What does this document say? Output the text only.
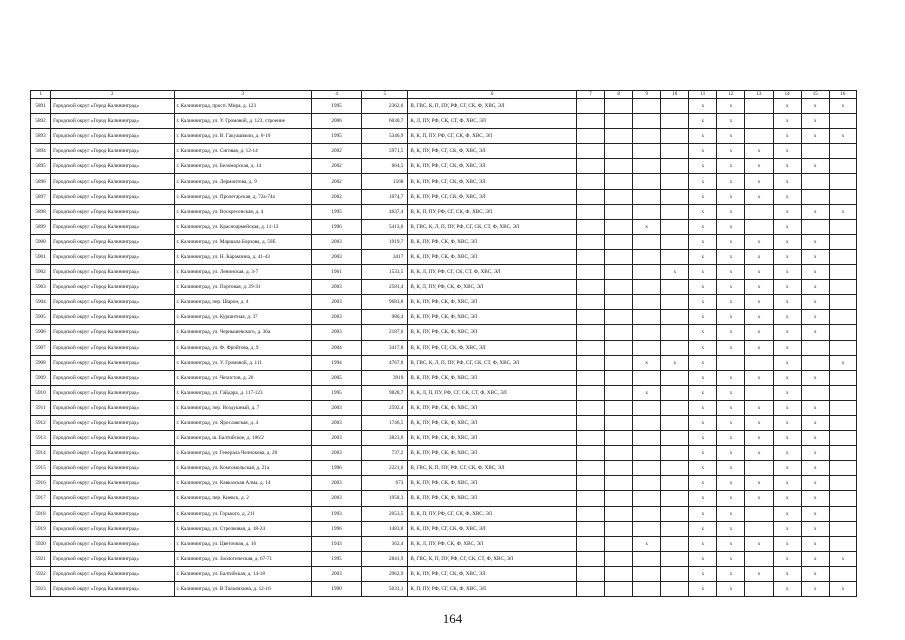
1	2	3	4	5	6	7	8	9	10	11	12	13	14	15	16
5891	Городской округ «Город Калининград»	г. Калининград, просп. Мира, д. 123	1995	2362,6	В, ГВС, К, П, ПУ, РФ, СГ, СК, Ф, ХВС, ЭЛ					х	х		х	х	х
5892	Городской округ «Город Калининград»	г. Калининград, ул. У. Громовой, д. 123, строение	2006	6030,7	К, Л, ПУ, РФ, СК, СТ, Ф, ХВС, ЭЛ					х	х		х	х	
5893	Городской округ «Город Калининград»	г. Калининград, ул. В. Гакуашвили, д. 6-10	1995	5346,9	В, К, П, ПУ, РФ, СГ, СК, Ф, ХВС, ЭЛ					х	х		х	х	х
5894	Городской округ «Город Калининград»	г. Калининград, ул. Сиговая, д. 12-14	2002	5971,5	В, К, ПУ, РФ, СГ, СК, Ф, ХВС, ЭЛ					х	х	х	х		
5895	Городской округ «Город Калининград»	г. Калининград, ул. Беломорская, д. 14	2002	664,5	В, К, ПУ, РФ, СГ, СК, Ф, ХВС, ЭЛ					х	х	х	х	х	
5896	Городской округ «Город Калининград»	г. Калининград, ул. Лермонтова, д. 9	2002	1568	В, К, ПУ, РФ, СГ, СК, Ф, ХВС, ЭЛ					х	х	х	х		
5897	Городской округ «Город Калининград»	г. Калининград, ул. Пролетарская, д. 72а-74а	2002	1074,7	В, К, ПУ, РФ, СГ, СК, Ф, ХВС, ЭЛ					х	х	х	х		
5898	Городской округ «Город Калининград»	г. Калининград, ул. Воскресенская, д. 4	1995	4637,4	В, К, П, ПУ, РФ, СГ, СК, Ф, ХВС, ЭЛ					х	х		х	х	х
5899	Городской округ «Город Калининград»	г. Калининград, ул. Красноармейская, д. 11-13	1996	5413,6	В, ГВС, К, Л, П, ПУ, РФ, СГ, СК, СТ, Ф, ХВС, ЭЛ			х		х	х		х		
5900	Городской округ «Город Калининград»	г. Калининград, ул. Маршала Борзова, д. 59Е	2003	1919,7	В, К, ПУ, РФ, СК, Ф, ХВС, ЭЛ					х	х	х	х	х	
5901	Городской округ «Город Калининград»	г. Калининград, ул. Н. Карамзина, д. 41-43	2003	3417	В, К, ПУ, РФ, СК, Ф, ХВС, ЭЛ					х	х	х	х	х	
5902	Городской округ «Город Калининград»	г. Калининград, ул. Ленинская, д. 3-7	1961	1533,5	В, К, Л, ПУ, РФ, СГ, СК, СТ, Ф, ХВС, ЭЛ				х	х	х	х	х	х	
5903	Городской округ «Город Калининград»	г. Калининград, ул. Портовая, д. 29-31	2003	2581,4	В, К, Л, ПУ, РФ, СК, Ф, ХВС, ЭЛ					х	х	х	х	х	
5904	Городской округ «Город Калининград»	г. Калининград, пер. Шарон, д. 4	2003	9683,8	В, К, ПУ, РФ, СК, Ф, ХВС, ЭЛ					х	х	х	х	х	
5905	Городской округ «Город Калининград»	г. Калининград, ул. Куршитная, д. 37	2003	986,4	В, К, ПУ, РФ, СК, Ф, ХВС, ЭЛ					х	х	х	х	х	
5906	Городской округ «Город Калининград»	г. Калининград, ул. Чернышевского, д. 36а	2003	2187,6	В, К, ПУ, РФ, СК, Ф, ХВС, ЭЛ					х	х	х	х	х	
5907	Городской округ «Город Калининград»	г. Калининград, ул. Ф. Фройтова, д. 9	2004	3417,8	В, К, ПУ, РФ, СГ, СК, Ф, ХВС, ЭЛ					х	х	х	х		
5908	Городской округ «Город Калининград»	г. Калининград, ул. У. Громовой, д. 111	1994	4767,8	В, ГВС, К, Л, П, ПУ, РФ, СГ, СК, СТ, Ф, ХВС, ЭЛ			х	х	х			х		х
5909	Городской округ «Город Калининград»	г. Калининград, ул. Чехистов, д. 20	2005	3919	В, К, ПУ, РФ, СК, Ф, ХВС, ЭЛ					х	х	х	х	х	
5910	Городской округ «Город Калининград»	г. Калининград, ул. Гайдара, д. 117-123	1995	9828,7	В, К, Л, П, ПУ, РФ, СГ, СК, СТ, Ф, ХВС, ЭЛ			х		х	х		х		
5911	Городской округ «Город Калининград»	г. Калининград, пер. Воздушный, д. 7	2003	2592,4	В, К, ПУ, РФ, СК, Ф, ХВС, ЭЛ					х	х	х	х	х	
5912	Городской округ «Город Калининград»	г. Калининград, ул. Ярославская, д. 4	2003	1746,5	В, К, ПУ, РФ, СК, Ф, ХВС, ЭЛ					х	х	х	х	х	
5913	Городской округ «Город Калининград»	г. Калининград, ш. Балтийское, д. 106/2	2003	3823,6	В, К, ПУ, РФ, СК, Ф, ХВС, ЭЛ					х	х	х	х	х	
5914	Городской округ «Город Калининград»	г. Калининград, ул. Генерала Челнокова, д. 20	2003	737,2	В, К, ПУ, РФ, СК, Ф, ХВС, ЭЛ					х	х	х	х	х	
5915	Городской округ «Город Калининград»	г. Калининград, ул. Комсомольская, д. 21а	1996	2221,6	В, ГВС, К, П, ПУ, РФ, СГ, СК, Ф, ХВС, ЭЛ					х	х		х	х	
5916	Городской округ «Город Калининград»	г. Калининград, ул. Кавказская Алма, д. 14	2003	673	В, К, ПУ, РФ, СК, Ф, ХВС, ЭЛ					х	х	х	х	х	
5917	Городской округ «Город Калининград»	г. Калининград, пер. Киевск, д. 2	2003	1958,3	В, К, ПУ, РФ, СК, Ф, ХВС, ЭЛ					х	х	х	х	х	
5918	Городской округ «Город Калининград»	г. Калининград, ул. Горького, д. 211	1993	2053,5	В, К, П, ПУ, РФ, СГ, СК, Ф, ХВС, ЭЛ					х	х		х	х	
5919	Городской округ «Город Калининград»	г. Калининград, ул. Стрелковая, д. 18-24	1996	1483,8	В, К, ПУ, РФ, СГ, СК, Ф, ХВС, ЭЛ					х	х		х	х	
5920	Городской округ «Город Калининград»	г. Калининград, ул. Цветочная, д. 16	1943	362,4	В, К, Л, ПУ, РФ, СК, Ф, ХВС, ЭЛ			х		х	х	х	х	х	
5921	Городской округ «Город Калининград»	г. Калининград, ул. Зоологическая, д. 67-71	1995	2841,9	В, ГВС, К, П, ПУ, РФ, СГ, СК, СТ, Ф, ХВС, ЭЛ					х	х		х	х	х
5922	Городской округ «Город Калининград»	г. Калининград, ул. Балтийская, д. 14-18	2003	2962,9	В, К, ПУ, РФ, СГ, СК, Ф, ХВС, ЭЛ					х	х	х	х	х	
5923	Городской округ «Город Калининград»	г. Калининград, ул. В.Талалихина, д. 12-16	1990	5031,1	К, П, ПУ, РФ, СГ, СК, Ф, ХВС, ЭЛ					х	х		х	х	х
164
